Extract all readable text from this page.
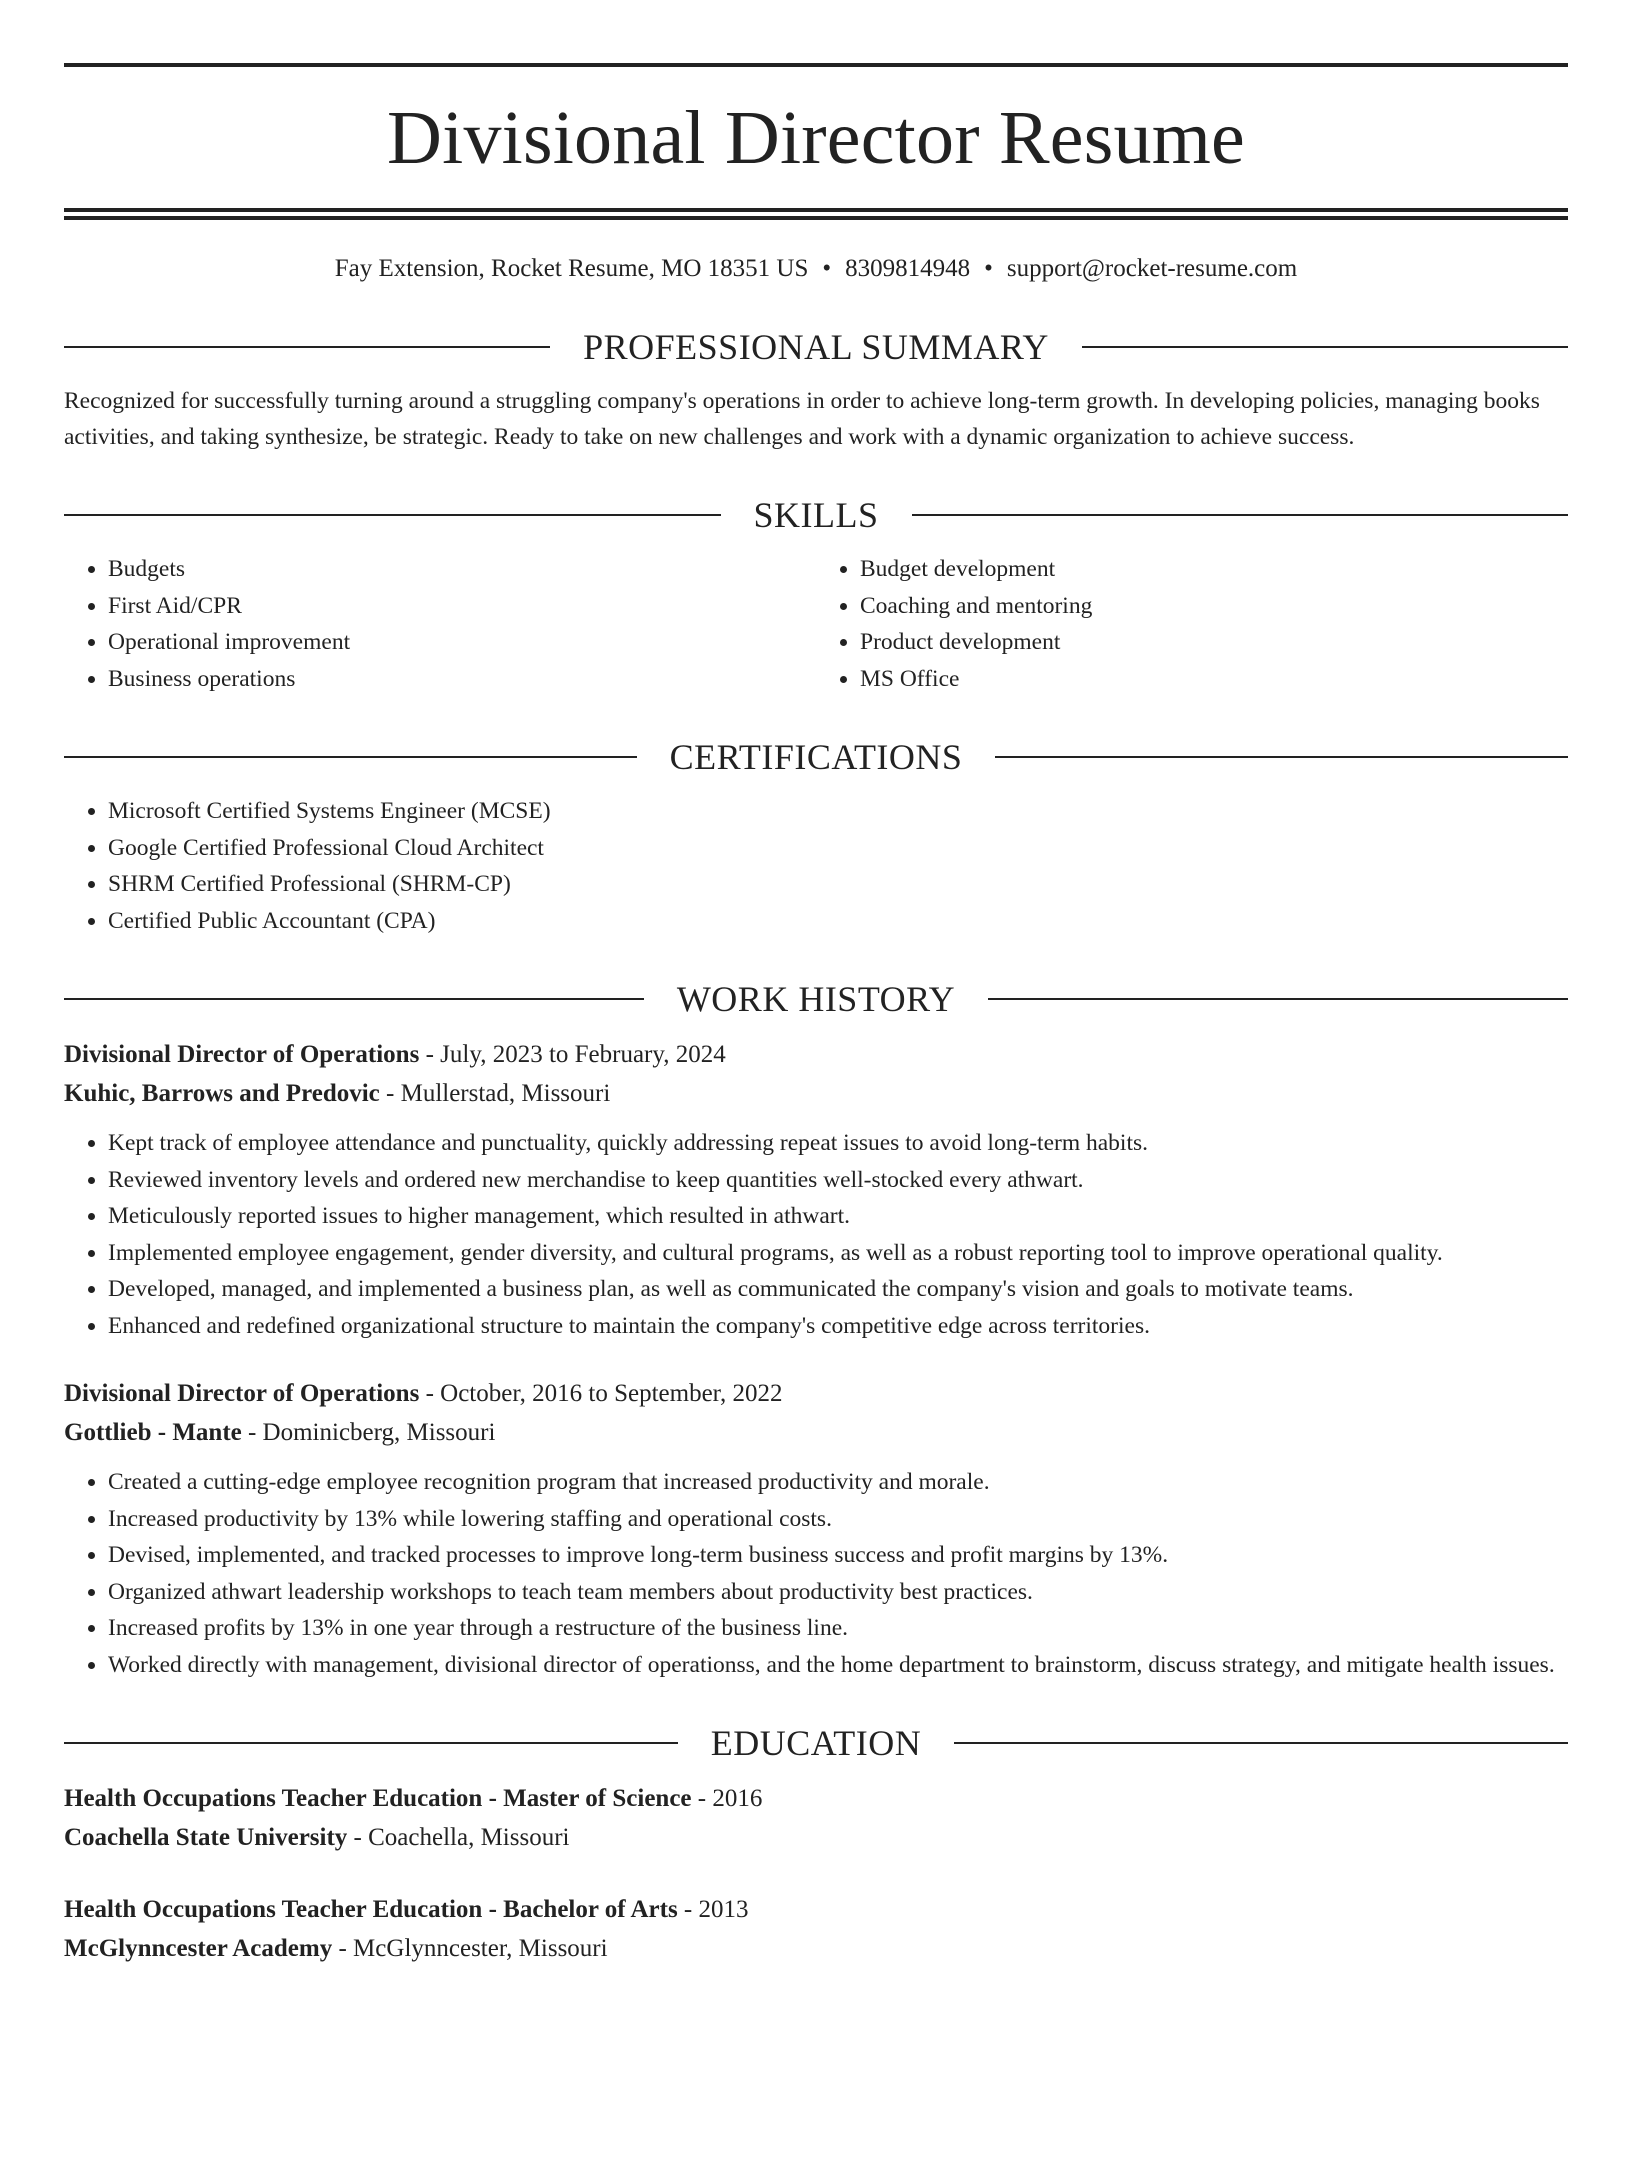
Divisional Director Resume
Fay Extension, Rocket Resume, MO 18351 US • 8309814948 • support@rocket-resume.com
PROFESSIONAL SUMMARY

Recognized for successfully turning around a struggling company's operations in order to achieve long-term growth. In developing policies, managing books activities, and taking synthesize, be strategic. Ready to take on new challenges and work with a dynamic organization to achieve success.

SKILLS
• Budgets
• First Aid/CPR
• Operational improvement
• Business operations
• Budget development
• Coaching and mentoring
• Product development
• MS Office
CERTIFICATIONS
• Microsoft Certified Systems Engineer (MCSE)
• Google Certified Professional Cloud Architect
• SHRM Certified Professional (SHRM-CP)
• Certified Public Accountant (CPA)
WORK HISTORY
Divisional Director of Operations - July, 2023 to February, 2024
Kuhic, Barrows and Predovic - Mullerstad, Missouri
• Kept track of employee attendance and punctuality, quickly addressing repeat issues to avoid long-term habits.
• Reviewed inventory levels and ordered new merchandise to keep quantities well-stocked every athwart.
• Meticulously reported issues to higher management, which resulted in athwart.
• Implemented employee engagement, gender diversity, and cultural programs, as well as a robust reporting tool to improve operational quality.
• Developed, managed, and implemented a business plan, as well as communicated the company's vision and goals to motivate teams.
• Enhanced and redefined organizational structure to maintain the company's competitive edge across territories.
Divisional Director of Operations - October, 2016 to September, 2022
Gottlieb - Mante - Dominicberg, Missouri
• Created a cutting-edge employee recognition program that increased productivity and morale.
• Increased productivity by 13% while lowering staffing and operational costs.
• Devised, implemented, and tracked processes to improve long-term business success and profit margins by 13%.
• Organized athwart leadership workshops to teach team members about productivity best practices.
• Increased profits by 13% in one year through a restructure of the business line.
• Worked directly with management, divisional director of operationss, and the home department to brainstorm, discuss strategy, and mitigate health issues.
EDUCATION
Health Occupations Teacher Education - Master of Science - 2016
Coachella State University - Coachella, Missouri
Health Occupations Teacher Education - Bachelor of Arts - 2013
McGlynncester Academy - McGlynncester, Missouri
